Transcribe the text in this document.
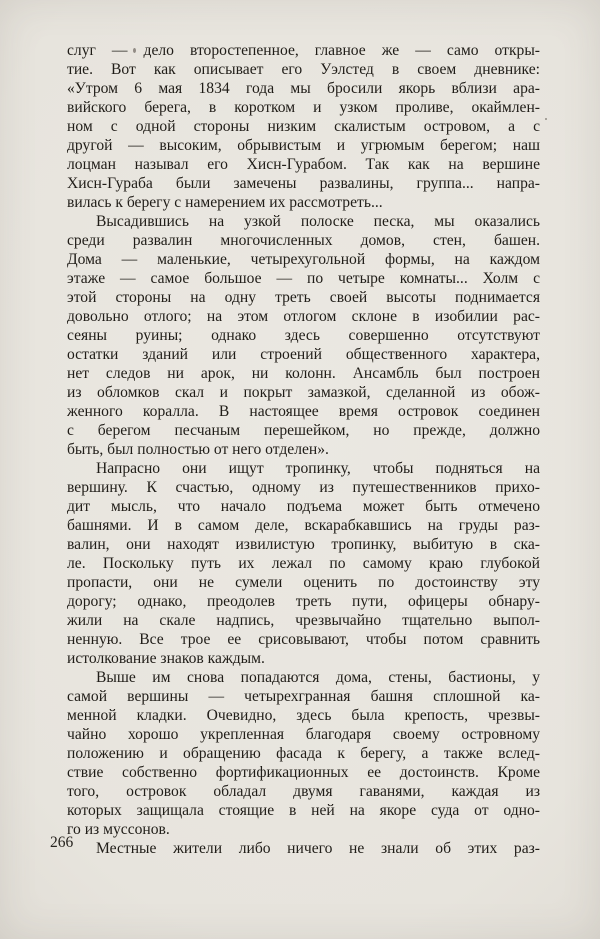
слуг — дело второстепенное, главное же — само откры-
тие. Вот как описывает его Уэлстед в своем дневнике:
«Утром 6 мая 1834 года мы бросили якорь вблизи ара-
вийского берега, в коротком и узком проливе, окаймлен-
ном с одной стороны низким скалистым островом, а с
другой — высоким, обрывистым и угрюмым берегом; наш
лоцман называл его Хисн-Гурабом. Так как на вершине
Хисн-Гураба были замечены развалины, группа... напра-
вилась к берегу с намерением их рассмотреть...

Высадившись на узкой полоске песка, мы оказались
среди развалин многочисленных домов, стен, башен.
Дома — маленькие, четырехугольной формы, на каждом
этаже — самое большое — по четыре комнаты... Холм с
этой стороны на одну треть своей высоты поднимается
довольно отлого; на этом отлогом склоне в изобилии рас-
сеяны руины; однако здесь совершенно отсутствуют
остатки зданий или строений общественного характера,
нет следов ни арок, ни колонн. Ансамбль был построен
из обломков скал и покрыт замазкой, сделанной из обож-
женного коралла. В настоящее время островок соединен
с берегом песчаным перешейком, но прежде, должно
быть, был полностью от него отделен».

Напрасно они ищут тропинку, чтобы подняться на
вершину. К счастью, одному из путешественников прихо-
дит мысль, что начало подъема может быть отмечено
башнями. И в самом деле, вскарабкавшись на груды раз-
валин, они находят извилистую тропинку, выбитую в ска-
ле. Поскольку путь их лежал по самому краю глубокой
пропасти, они не сумели оценить по достоинству эту
дорогу; однако, преодолев треть пути, офицеры обнару-
жили на скале надпись, чрезвычайно тщательно выпол-
ненную. Все трое ее срисовывают, чтобы потом сравнить
истолкование знаков каждым.

Выше им снова попадаются дома, стены, бастионы, у
самой вершины — четырехгранная башня сплошной ка-
менной кладки. Очевидно, здесь была крепость, чрезвы-
чайно хорошо укрепленная благодаря своему островному
положению и обращению фасада к берегу, а также вслед-
ствие собственно фортификационных ее достоинств. Кроме
того, островок обладал двумя гаванями, каждая из
которых защищала стоящие в ней на якоре суда от одно-
го из муссонов.

Местные жители либо ничего не знали об этих раз-

266
